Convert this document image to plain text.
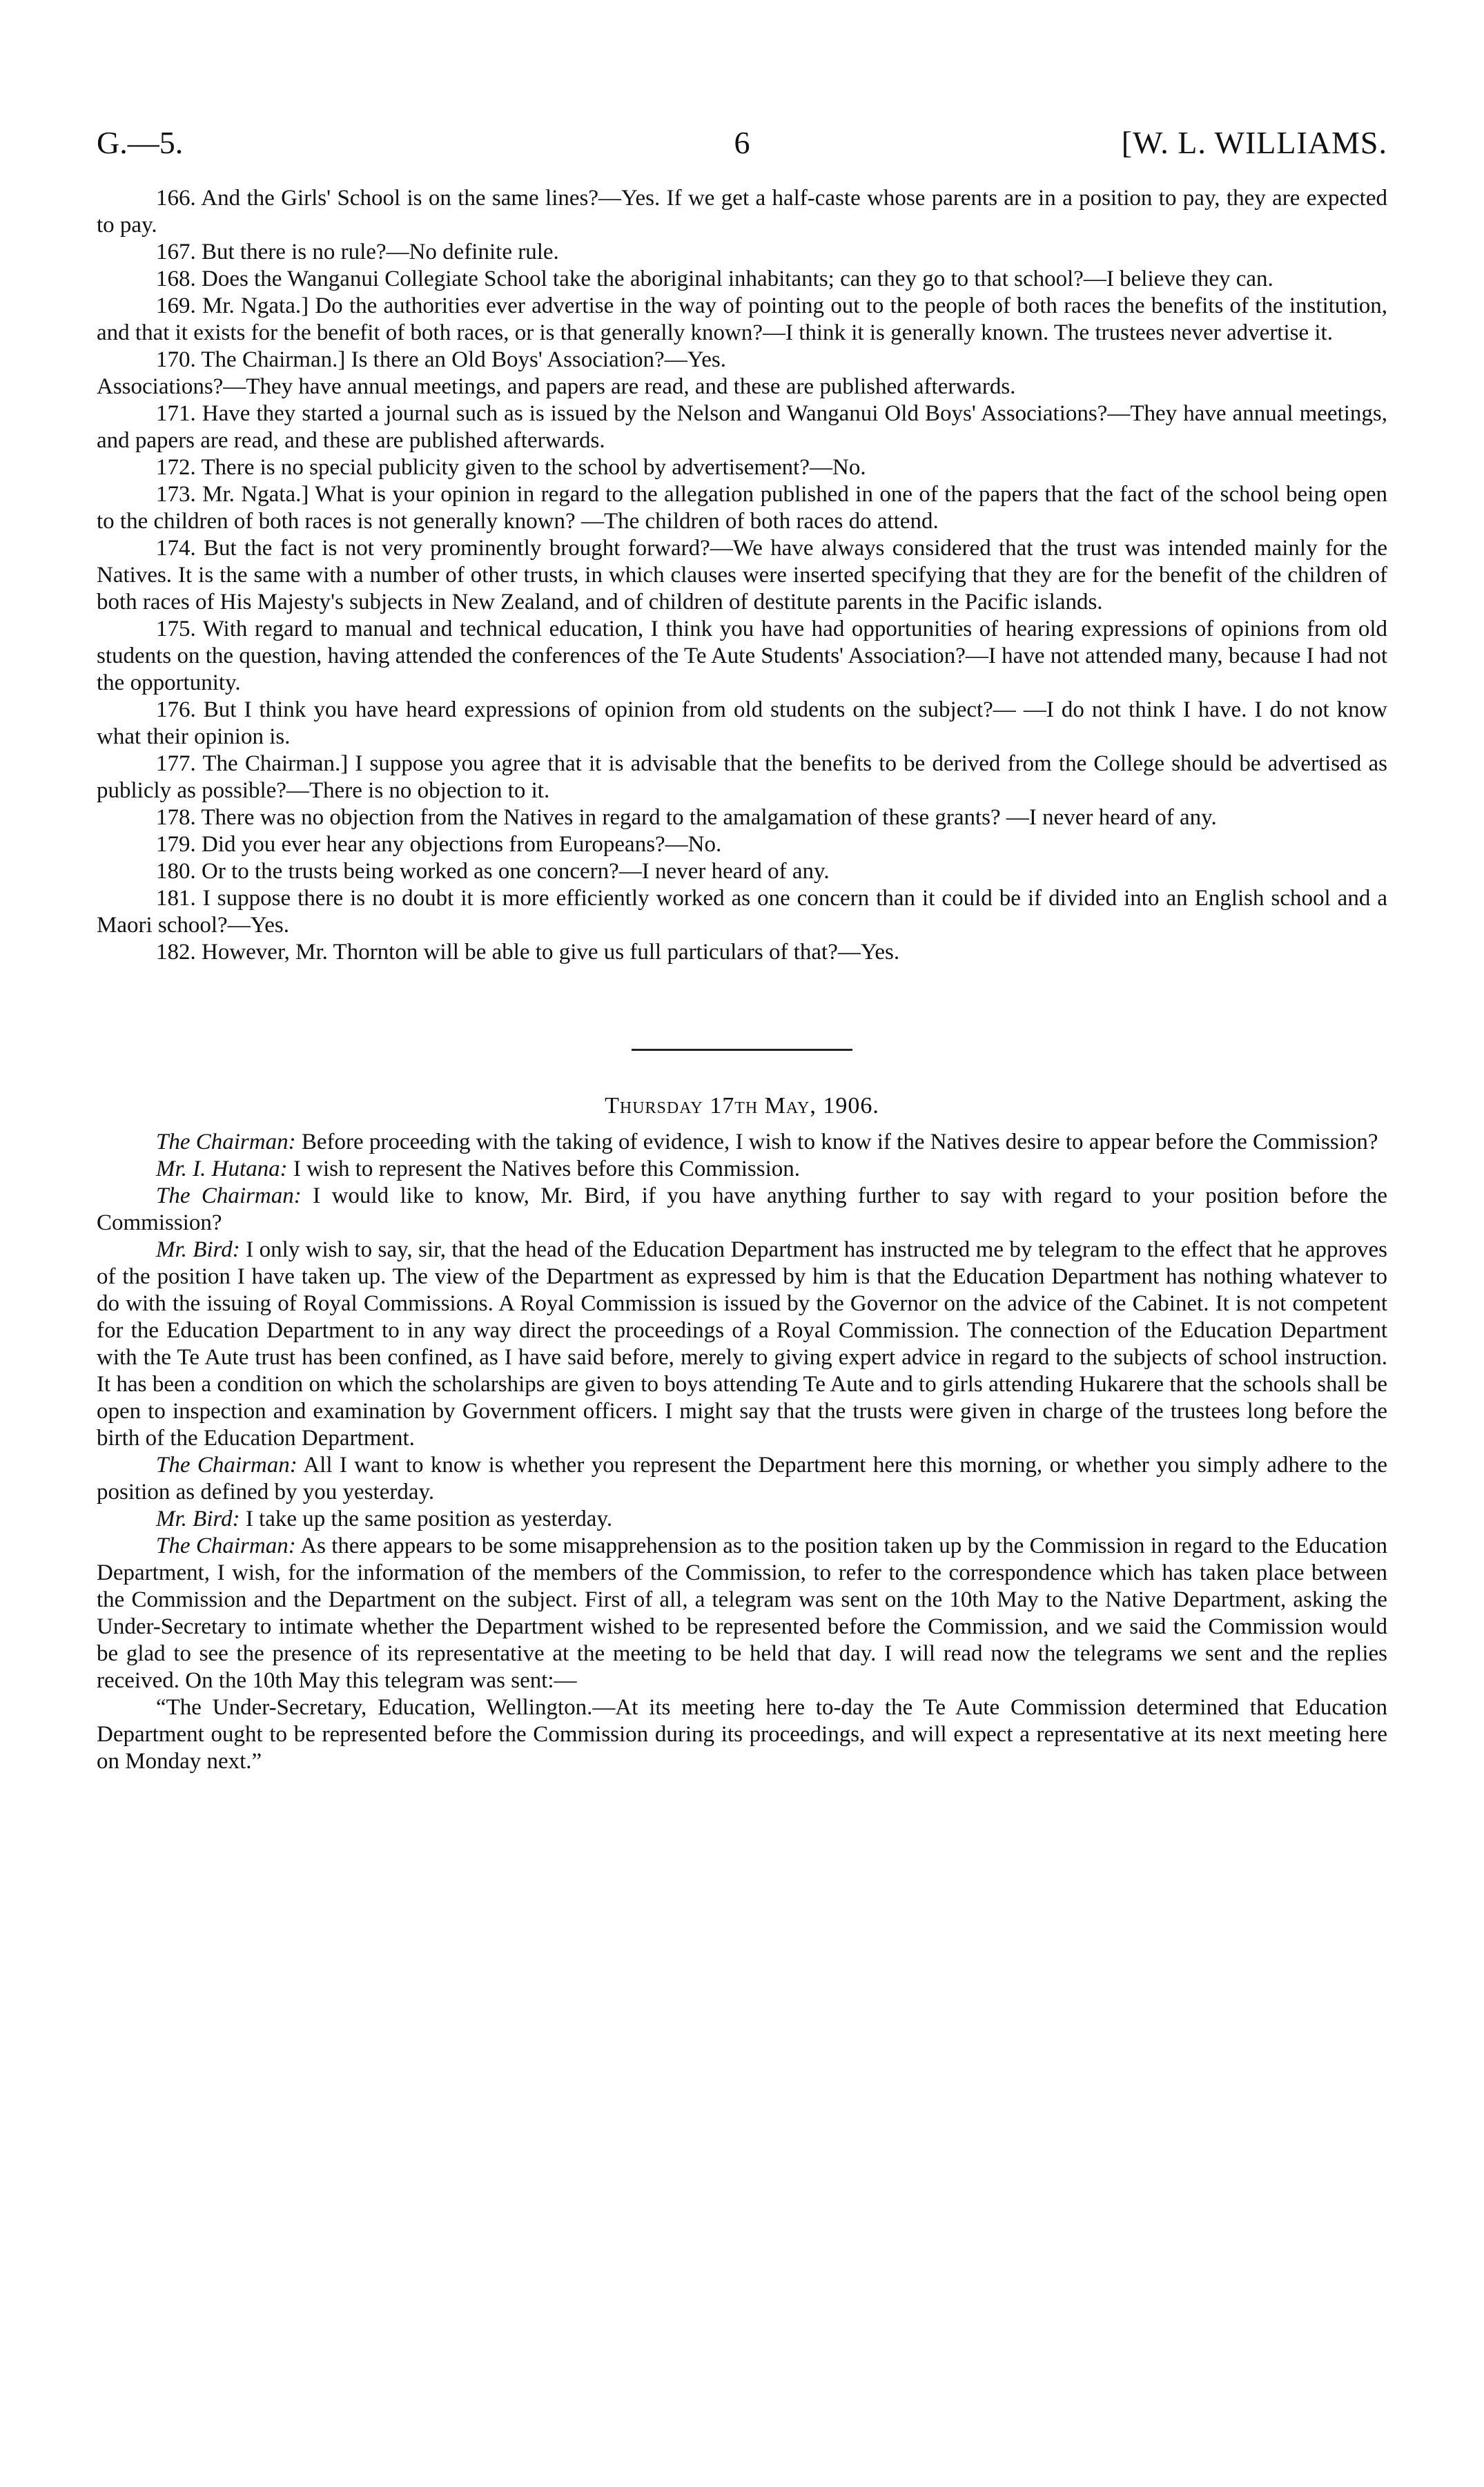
G.—5.	6	[W. L. WILLIAMS.

166. And the Girls' School is on the same lines?—Yes. If we get a half-caste whose parents are in a position to pay, they are expected to pay.

167. But there is no rule?—No definite rule.

168. Does the Wanganui Collegiate School take the aboriginal inhabitants; can they go to that school?—I believe they can.

169. Mr. Ngata.] Do the authorities ever advertise in the way of pointing out to the people of both races the benefits of the institution, and that it exists for the benefit of both races, or is that generally known?—I think it is generally known. The trustees never advertise it.

170. The Chairman.] Is there an Old Boys' Association?—Yes.

Associations?—They have annual meetings, and papers are read, and these are published afterwards.

171. Have they started a journal such as is issued by the Nelson and Wanganui Old Boys' Associations?—They have annual meetings, and papers are read, and these are published afterwards.

172. There is no special publicity given to the school by advertisement?—No.

173. Mr. Ngata.] What is your opinion in regard to the allegation published in one of the papers that the fact of the school being open to the children of both races is not generally known? —The children of both races do attend.

174. But the fact is not very prominently brought forward?—We have always considered that the trust was intended mainly for the Natives. It is the same with a number of other trusts, in which clauses were inserted specifying that they are for the benefit of the children of both races of His Majesty's subjects in New Zealand, and of children of destitute parents in the Pacific islands.

175. With regard to manual and technical education, I think you have had opportunities of hearing expressions of opinions from old students on the question, having attended the conferences of the Te Aute Students' Association?—I have not attended many, because I had not the opportunity.

176. But I think you have heard expressions of opinion from old students on the subject?— —I do not think I have. I do not know what their opinion is.

177. The Chairman.] I suppose you agree that it is advisable that the benefits to be derived from the College should be advertised as publicly as possible?—There is no objection to it.

178. There was no objection from the Natives in regard to the amalgamation of these grants? —I never heard of any.

179. Did you ever hear any objections from Europeans?—No.

180. Or to the trusts being worked as one concern?—I never heard of any.

181. I suppose there is no doubt it is more efficiently worked as one concern than it could be if divided into an English school and a Maori school?—Yes.

182. However, Mr. Thornton will be able to give us full particulars of that?—Yes.

Thursday 17th May, 1906.

The Chairman: Before proceeding with the taking of evidence, I wish to know if the Natives desire to appear before the Commission?

Mr. I. Hutana: I wish to represent the Natives before this Commission.

The Chairman: I would like to know, Mr. Bird, if you have anything further to say with regard to your position before the Commission?

Mr. Bird: I only wish to say, sir, that the head of the Education Department has instructed me by telegram to the effect that he approves of the position I have taken up. The view of the Department as expressed by him is that the Education Department has nothing whatever to do with the issuing of Royal Commissions. A Royal Commission is issued by the Governor on the advice of the Cabinet. It is not competent for the Education Department to in any way direct the proceedings of a Royal Commission. The connection of the Education Department with the Te Aute trust has been confined, as I have said before, merely to giving expert advice in regard to the subjects of school instruction. It has been a condition on which the scholarships are given to boys attending Te Aute and to girls attending Hukarere that the schools shall be open to inspection and examination by Government officers. I might say that the trusts were given in charge of the trustees long before the birth of the Education Department.

The Chairman: All I want to know is whether you represent the Department here this morning, or whether you simply adhere to the position as defined by you yesterday.

Mr. Bird: I take up the same position as yesterday.

The Chairman: As there appears to be some misapprehension as to the position taken up by the Commission in regard to the Education Department, I wish, for the information of the members of the Commission, to refer to the correspondence which has taken place between the Commission and the Department on the subject. First of all, a telegram was sent on the 10th May to the Native Department, asking the Under-Secretary to intimate whether the Department wished to be represented before the Commission, and we said the Commission would be glad to see the presence of its representative at the meeting to be held that day. I will read now the telegrams we sent and the replies received. On the 10th May this telegram was sent:—

“The Under-Secretary, Education, Wellington.—At its meeting here to-day the Te Aute Commission determined that Education Department ought to be represented before the Commission during its proceedings, and will expect a representative at its next meeting here on Monday next.”
